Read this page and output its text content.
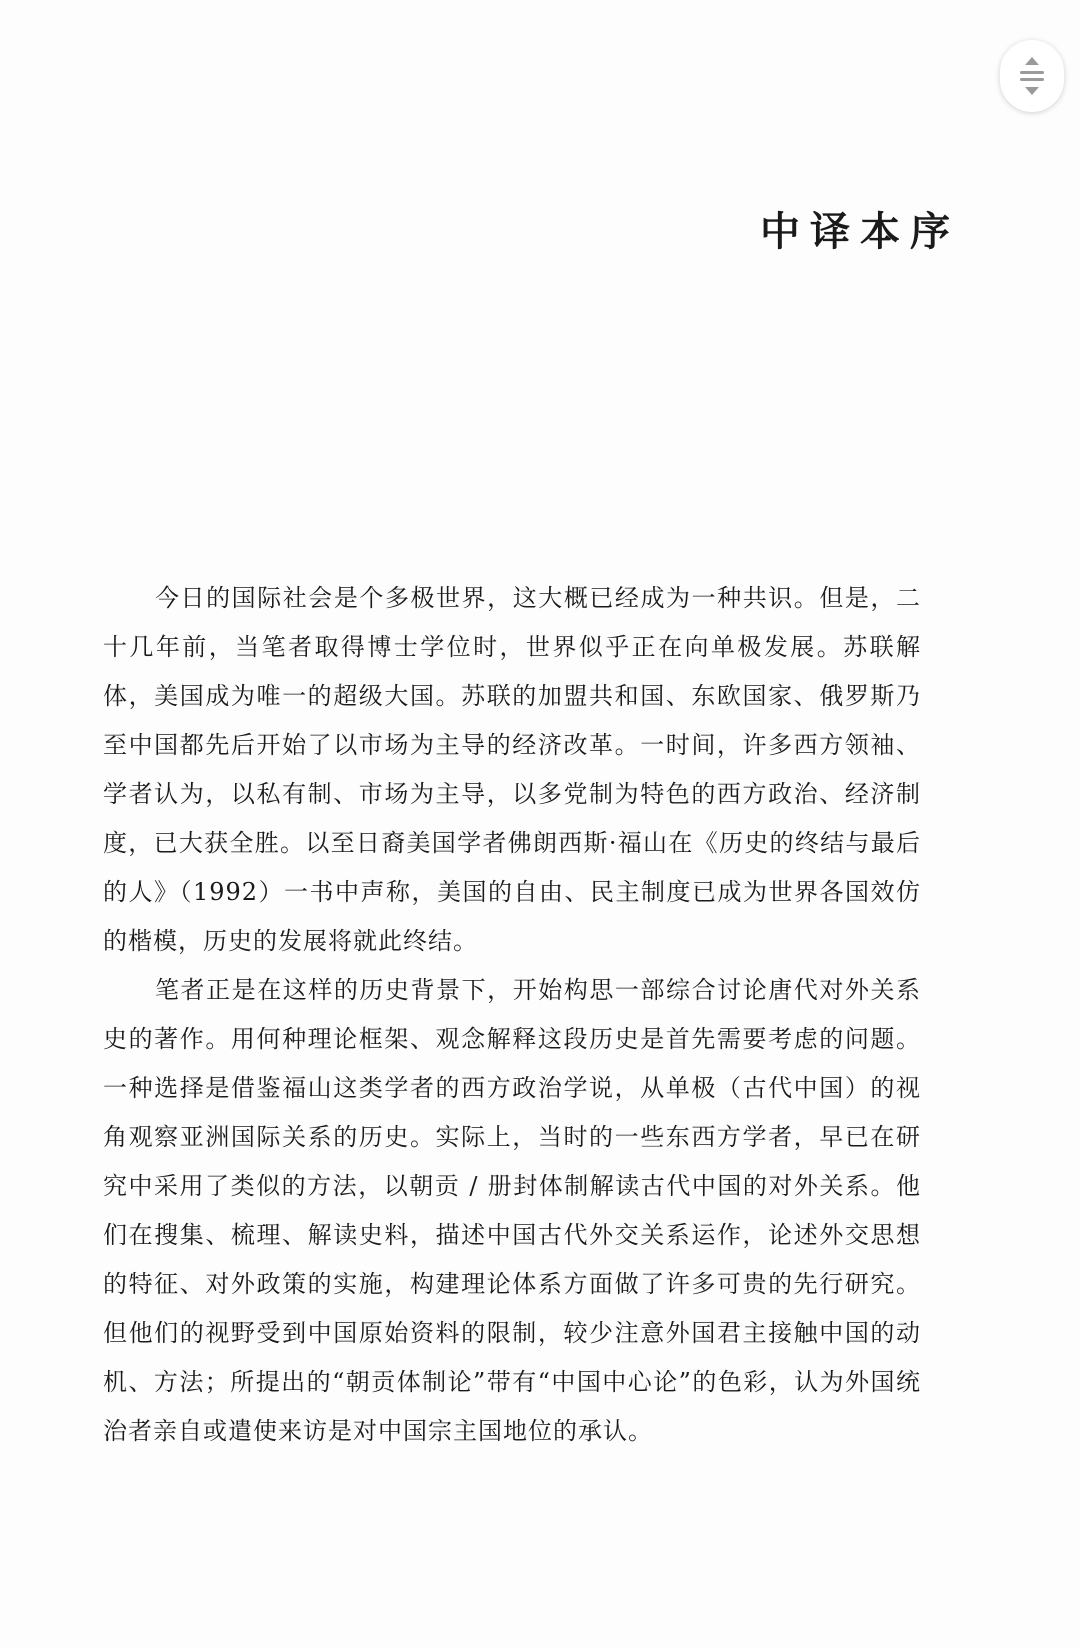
中译本序

今日的国际社会是个多极世界，这大概已经成为一种共识。但是，二十几年前，当笔者取得博士学位时，世界似乎正在向单极发展。苏联解体，美国成为唯一的超级大国。苏联的加盟共和国、东欧国家、俄罗斯乃至中国都先后开始了以市场为主导的经济改革。一时间，许多西方领袖、学者认为，以私有制、市场为主导，以多党制为特色的西方政治、经济制度，已大获全胜。以至日裔美国学者佛朗西斯·福山在《历史的终结与最后的人》（1992）一书中声称，美国的自由、民主制度已成为世界各国效仿的楷模，历史的发展将就此终结。

笔者正是在这样的历史背景下，开始构思一部综合讨论唐代对外关系史的著作。用何种理论框架、观念解释这段历史是首先需要考虑的问题。一种选择是借鉴福山这类学者的西方政治学说，从单极（古代中国）的视角观察亚洲国际关系的历史。实际上，当时的一些东西方学者，早已在研究中采用了类似的方法，以朝贡 / 册封体制解读古代中国的对外关系。他们在搜集、梳理、解读史料，描述中国古代外交关系运作，论述外交思想的特征、对外政策的实施，构建理论体系方面做了许多可贵的先行研究。但他们的视野受到中国原始资料的限制，较少注意外国君主接触中国的动机、方法；所提出的“朝贡体制论”带有“中国中心论”的色彩，认为外国统治者亲自或遣使来访是对中国宗主国地位的承认。
